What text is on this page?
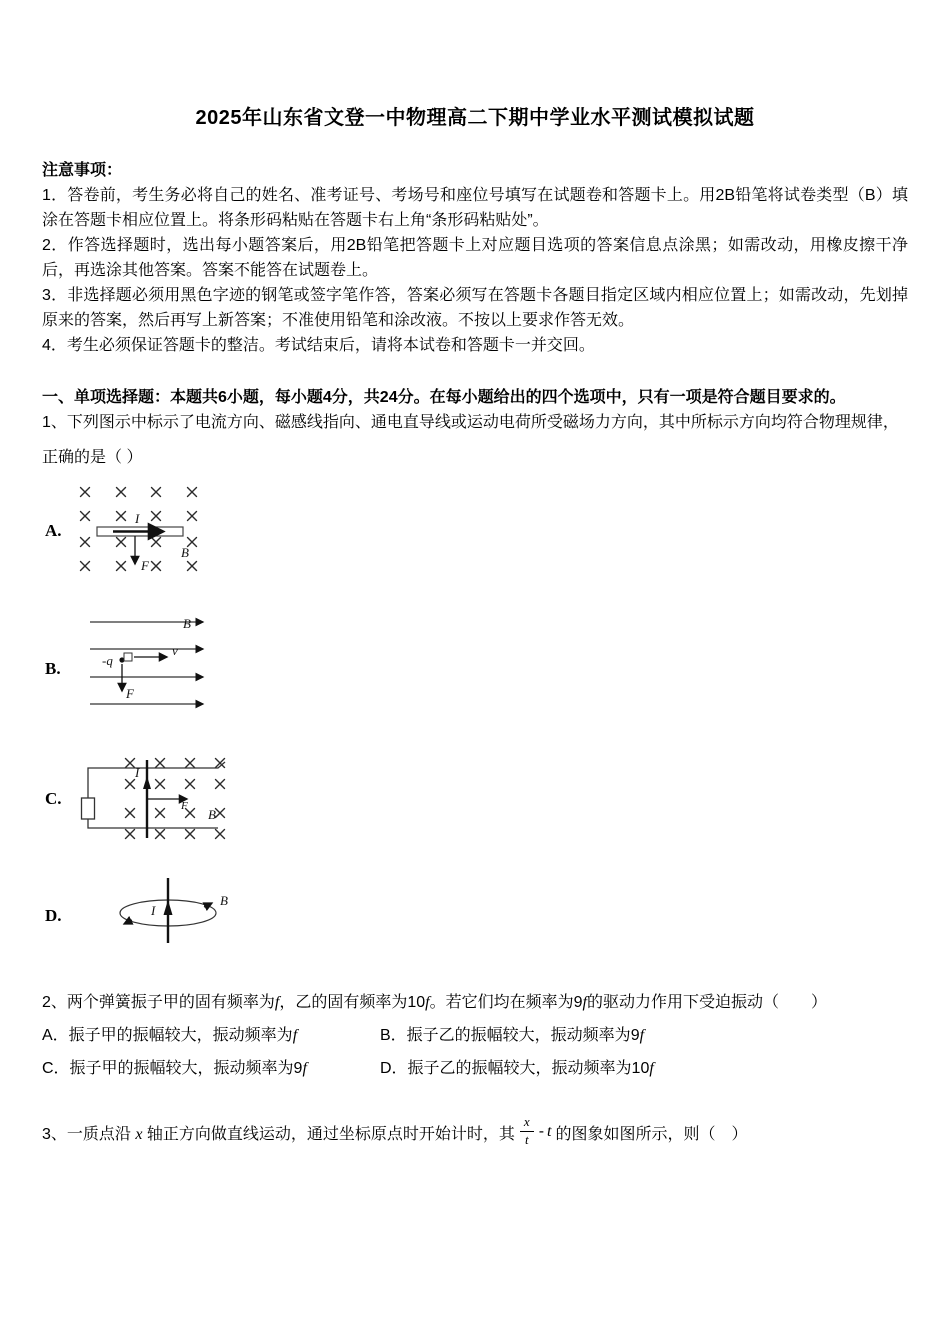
2025年山东省文登一中物理高二下期中学业水平测试模拟试题

注意事项：

1．答卷前，考生务必将自己的姓名、准考证号、考场号和座位号填写在试题卷和答题卡上。用2B铅笔将试卷类型（B）填涂在答题卡相应位置上。将条形码粘贴在答题卡右上角“条形码粘贴处”。

2．作答选择题时，选出每小题答案后，用2B铅笔把答题卡上对应题目选项的答案信息点涂黑；如需改动，用橡皮擦干净后，再选涂其他答案。答案不能答在试题卷上。

3．非选择题必须用黑色字迹的钢笔或签字笔作答，答案必须写在答题卡各题目指定区域内相应位置上；如需改动，先划掉原来的答案，然后再写上新答案；不准使用铅笔和涂改液。不按以上要求作答无效。

4．考生必须保证答题卡的整洁。考试结束后，请将本试卷和答题卡一并交回。

一、单项选择题：本题共6小题，每小题4分，共24分。在每小题给出的四个选项中，只有一项是符合题目要求的。

1、下列图示中标示了电流方向、磁感线指向、通电直导线或运动电荷所受磁场力方向，其中所标示方向均符合物理规律，

正确的是（ ）

A.
I
F
B
B.
B
-q
v
F
C.
I
F
B
D.	I
B

2、两个弹簧振子甲的固有频率为f，乙的固有频率为10f。若它们均在频率为9f的驱动力作用下受迫振动（　　）

A．振子甲的振幅较大，振动频率为f	B．振子乙的振幅较大，振动频率为9f
C．振子甲的振幅较大，振动频率为9f	D．振子乙的振幅较大，振动频率为10f
3、一质点沿 x 轴正方向做直线运动，通过坐标原点时开始计时，其 $\frac{x}{t}$ - t 的图象如图所示，则（　）
